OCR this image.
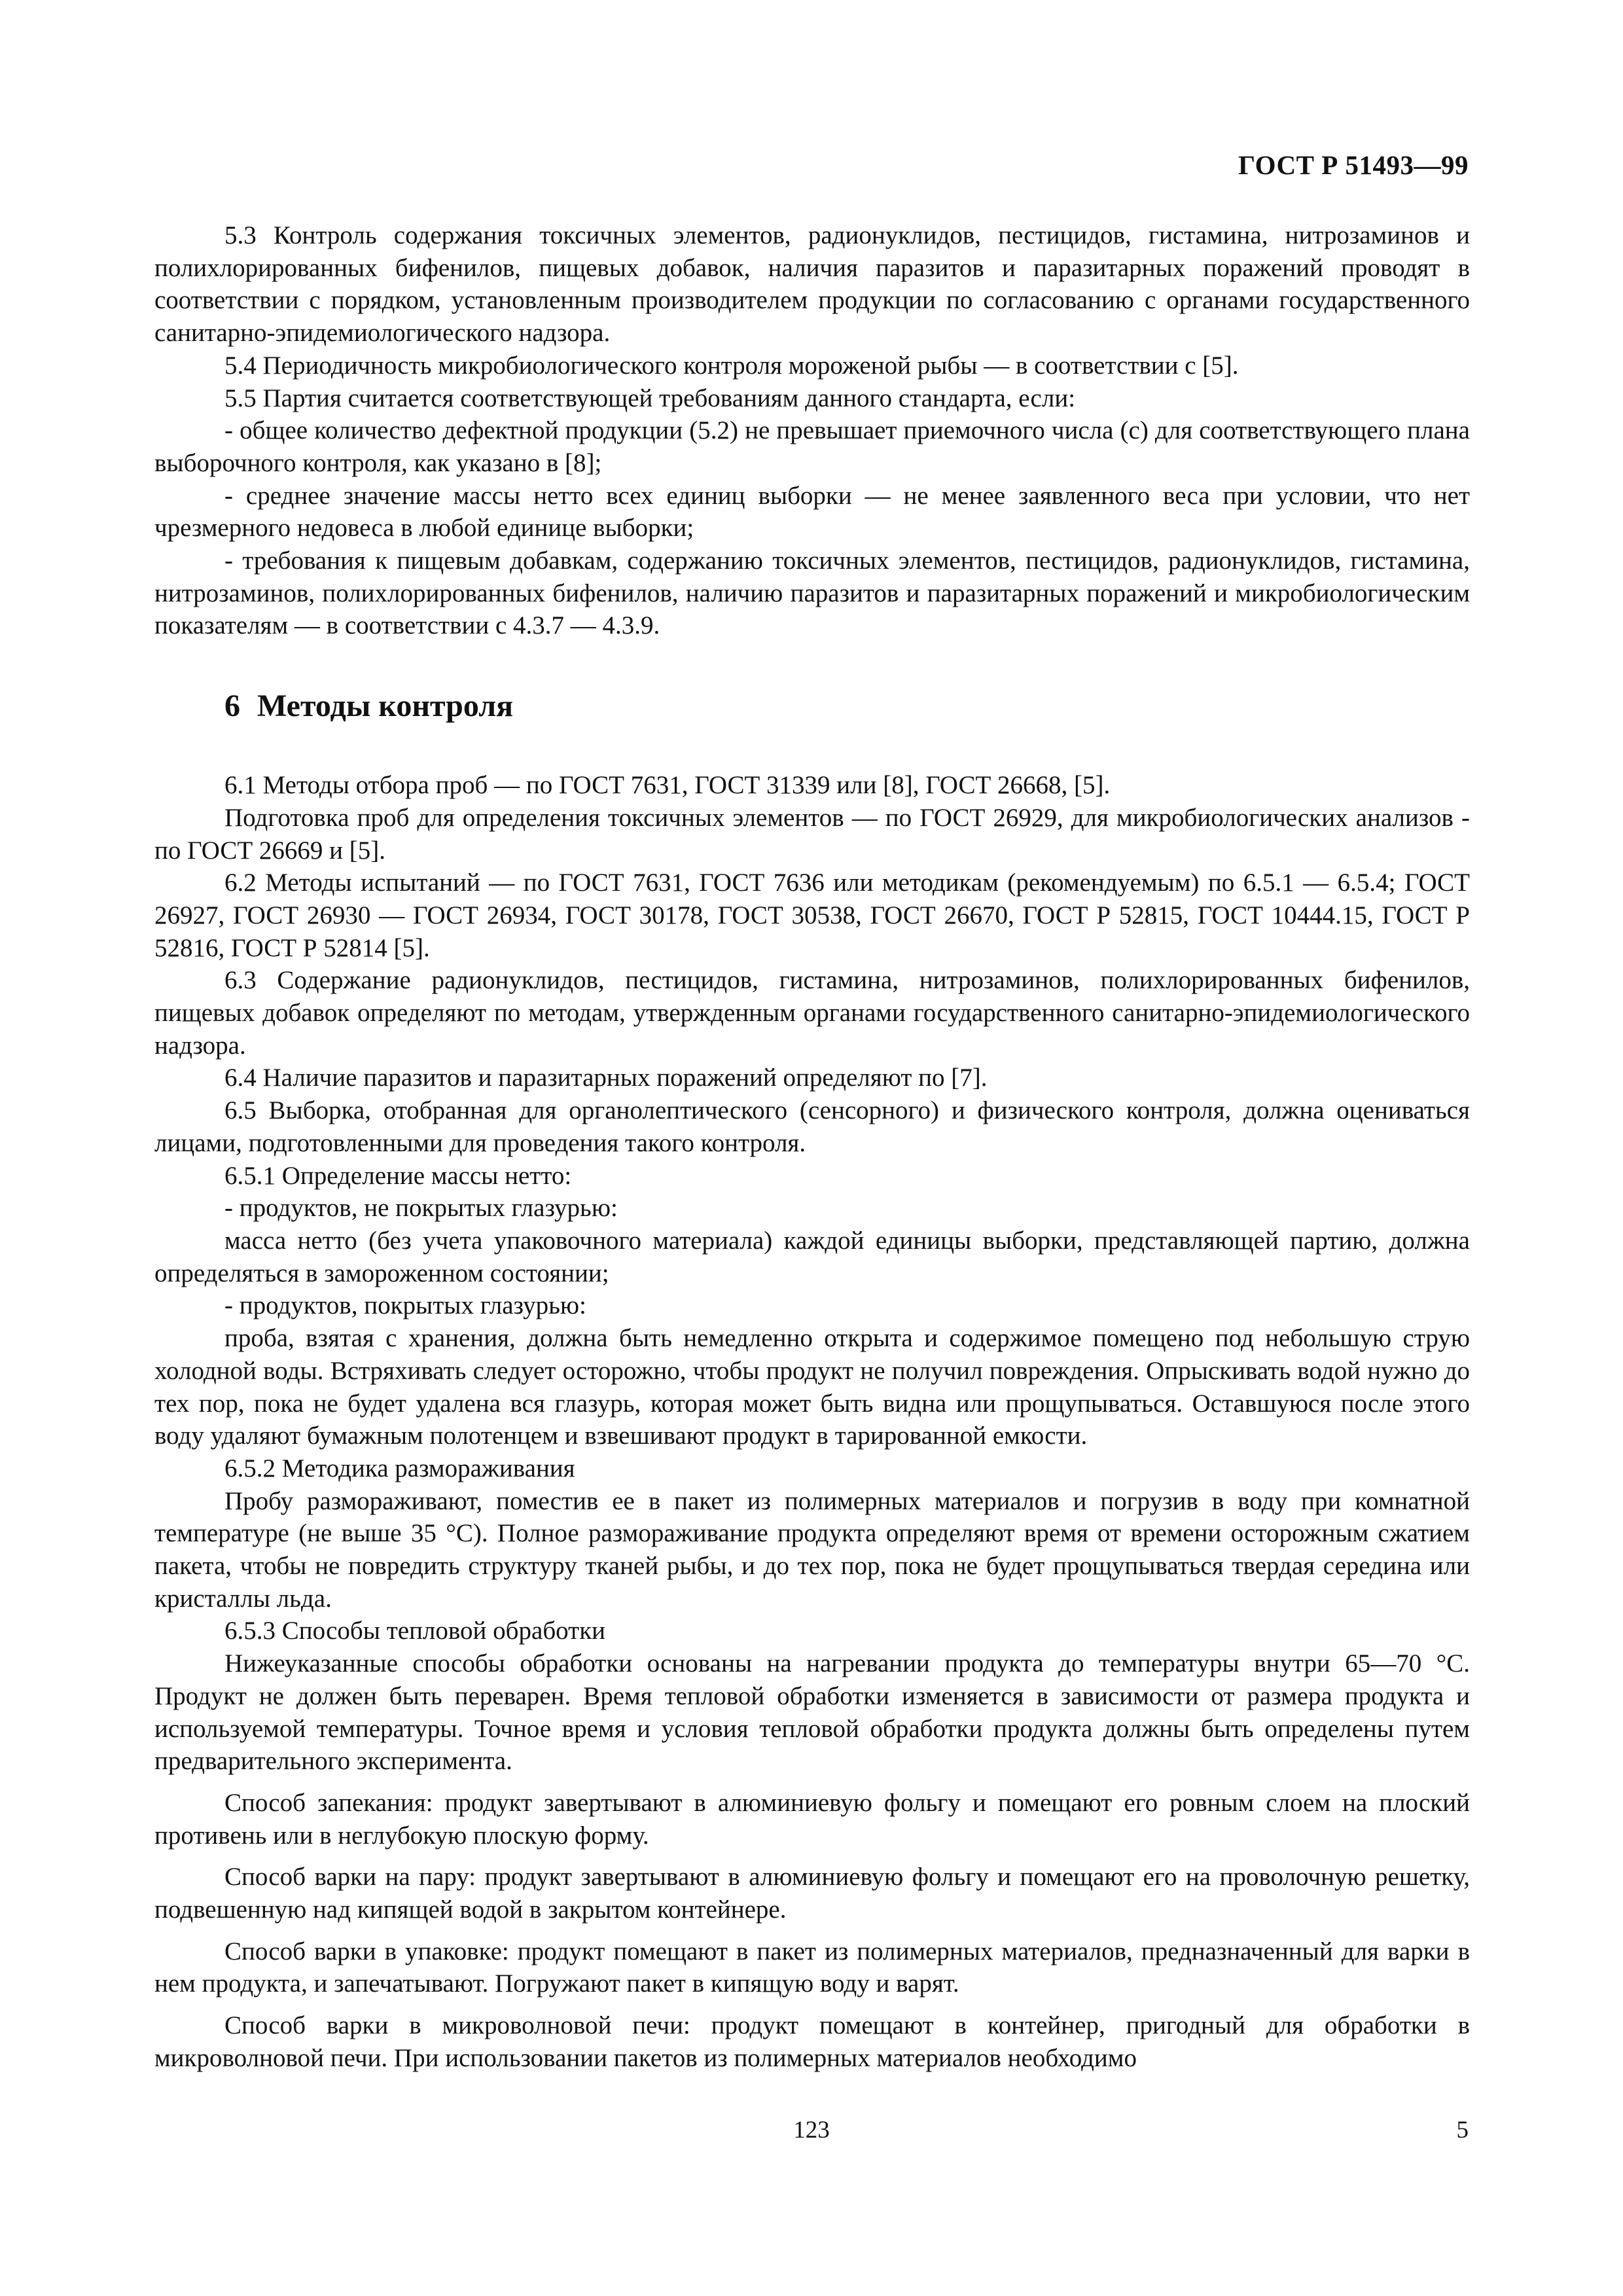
ГОСТ Р 51493—99

5.3 Контроль содержания токсичных элементов, радионуклидов, пестицидов, гистамина, нитрозаминов и полихлорированных бифенилов, пищевых добавок, наличия паразитов и паразитарных поражений проводят в соответствии с порядком, установленным производителем продукции по согласованию с органами государственного санитарно-эпидемиологического надзора.

5.4 Периодичность микробиологического контроля мороженой рыбы — в соответствии с [5].

5.5 Партия считается соответствующей требованиям данного стандарта, если:

- общее количество дефектной продукции (5.2) не превышает приемочного числа (c) для соответствующего плана выборочного контроля, как указано в [8];

- среднее значение массы нетто всех единиц выборки — не менее заявленного веса при условии, что нет чрезмерного недовеса в любой единице выборки;

- требования к пищевым добавкам, содержанию токсичных элементов, пестицидов, радионуклидов, гистамина, нитрозаминов, полихлорированных бифенилов, наличию паразитов и паразитарных поражений и микробиологическим показателям — в соответствии с 4.3.7 — 4.3.9.

6 Методы контроля

6.1 Методы отбора проб — по ГОСТ 7631, ГОСТ 31339 или [8], ГОСТ 26668, [5].

Подготовка проб для определения токсичных элементов — по ГОСТ 26929, для микробиологических анализов - по ГОСТ 26669 и [5].

6.2 Методы испытаний — по ГОСТ 7631, ГОСТ 7636 или методикам (рекомендуемым) по 6.5.1 — 6.5.4; ГОСТ 26927, ГОСТ 26930 — ГОСТ 26934, ГОСТ 30178, ГОСТ 30538, ГОСТ 26670, ГОСТ Р 52815, ГОСТ 10444.15, ГОСТ Р 52816, ГОСТ Р 52814 [5].

6.3 Содержание радионуклидов, пестицидов, гистамина, нитрозаминов, полихлорированных бифенилов, пищевых добавок определяют по методам, утвержденным органами государственного санитарно-эпидемиологического надзора.

6.4 Наличие паразитов и паразитарных поражений определяют по [7].

6.5 Выборка, отобранная для органолептического (сенсорного) и физического контроля, должна оцениваться лицами, подготовленными для проведения такого контроля.

6.5.1 Определение массы нетто:

- продуктов, не покрытых глазурью:

масса нетто (без учета упаковочного материала) каждой единицы выборки, представляющей партию, должна определяться в замороженном состоянии;

- продуктов, покрытых глазурью:

проба, взятая с хранения, должна быть немедленно открыта и содержимое помещено под небольшую струю холодной воды. Встряхивать следует осторожно, чтобы продукт не получил повреждения. Опрыскивать водой нужно до тех пор, пока не будет удалена вся глазурь, которая может быть видна или прощупываться. Оставшуюся после этого воду удаляют бумажным полотенцем и взвешивают продукт в тарированной емкости.

6.5.2 Методика размораживания

Пробу размораживают, поместив ее в пакет из полимерных материалов и погрузив в воду при комнатной температуре (не выше 35 °С). Полное размораживание продукта определяют время от времени осторожным сжатием пакета, чтобы не повредить структуру тканей рыбы, и до тех пор, пока не будет прощупываться твердая середина или кристаллы льда.

6.5.3 Способы тепловой обработки

Нижеуказанные способы обработки основаны на нагревании продукта до температуры внутри 65—70 °С. Продукт не должен быть переварен. Время тепловой обработки изменяется в зависимости от размера продукта и используемой температуры. Точное время и условия тепловой обработки продукта должны быть определены путем предварительного эксперимента.

Способ запекания: продукт завертывают в алюминиевую фольгу и помещают его ровным слоем на плоский противень или в неглубокую плоскую форму.

Способ варки на пару: продукт завертывают в алюминиевую фольгу и помещают его на проволочную решетку, подвешенную над кипящей водой в закрытом контейнере.

Способ варки в упаковке: продукт помещают в пакет из полимерных материалов, предназначенный для варки в нем продукта, и запечатывают. Погружают пакет в кипящую воду и варят.

Способ варки в микроволновой печи: продукт помещают в контейнер, пригодный для обработки в микроволновой печи. При использовании пакетов из полимерных материалов необходимо

123	5
